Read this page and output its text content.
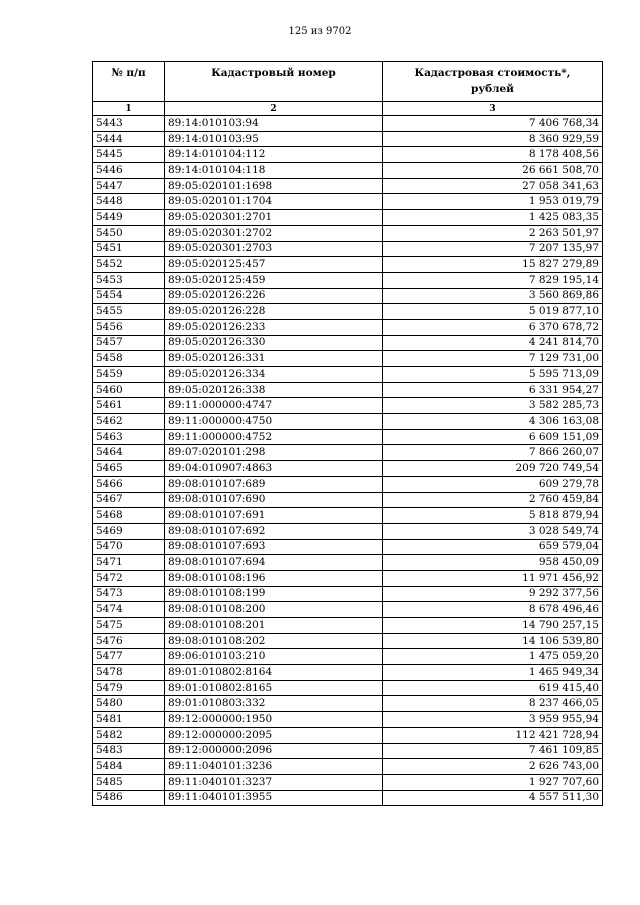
125 из 9702
№ п/п	Кадастровый номер	Кадастровая стоимость*,
рублей
1	2	3
5443	89:14:010103:94	7 406 768,34
5444	89:14:010103:95	8 360 929,59
5445	89:14:010104:112	8 178 408,56
5446	89:14:010104:118	26 661 508,70
5447	89:05:020101:1698	27 058 341,63
5448	89:05:020101:1704	1 953 019,79
5449	89:05:020301:2701	1 425 083,35
5450	89:05:020301:2702	2 263 501,97
5451	89:05:020301:2703	7 207 135,97
5452	89:05:020125:457	15 827 279,89
5453	89:05:020125:459	7 829 195,14
5454	89:05:020126:226	3 560 869,86
5455	89:05:020126:228	5 019 877,10
5456	89:05:020126:233	6 370 678,72
5457	89:05:020126:330	4 241 814,70
5458	89:05:020126:331	7 129 731,00
5459	89:05:020126:334	5 595 713,09
5460	89:05:020126:338	6 331 954,27
5461	89:11:000000:4747	3 582 285,73
5462	89:11:000000:4750	4 306 163,08
5463	89:11:000000:4752	6 609 151,09
5464	89:07:020101:298	7 866 260,07
5465	89:04:010907:4863	209 720 749,54
5466	89:08:010107:689	609 279,78
5467	89:08:010107:690	2 760 459,84
5468	89:08:010107:691	5 818 879,94
5469	89:08:010107:692	3 028 549,74
5470	89:08:010107:693	659 579,04
5471	89:08:010107:694	958 450,09
5472	89:08:010108:196	11 971 456,92
5473	89:08:010108:199	9 292 377,56
5474	89:08:010108:200	8 678 496,46
5475	89:08:010108:201	14 790 257,15
5476	89:08:010108:202	14 106 539,80
5477	89:06:010103:210	1 475 059,20
5478	89:01:010802:8164	1 465 949,34
5479	89:01:010802:8165	619 415,40
5480	89:01:010803:332	8 237 466,05
5481	89:12:000000:1950	3 959 955,94
5482	89:12:000000:2095	112 421 728,94
5483	89:12:000000:2096	7 461 109,85
5484	89:11:040101:3236	2 626 743,00
5485	89:11:040101:3237	1 927 707,60
5486	89:11:040101:3955	4 557 511,30
